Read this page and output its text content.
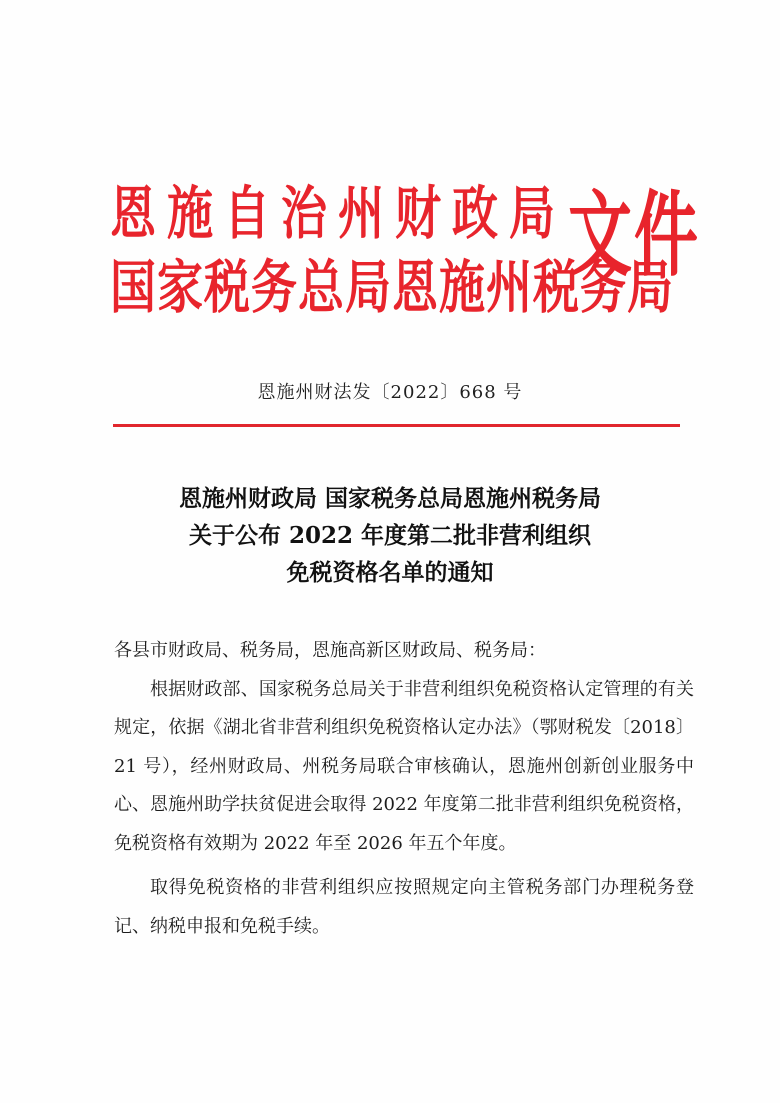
恩施自治州财政局
国家税务总局恩施州税务局
文件
恩施州财法发〔2022〕668 号
恩施州财政局 国家税务总局恩施州税务局
关于公布 2022 年度第二批非营利组织
免税资格名单的通知

各县市财政局、税务局，恩施高新区财政局、税务局：

根据财政部、国家税务总局关于非营利组织免税资格认定管理的有关规定，依据《湖北省非营利组织免税资格认定办法》（鄂财税发〔2018〕21 号），经州财政局、州税务局联合审核确认，恩施州创新创业服务中心、恩施州助学扶贫促进会取得 2022 年度第二批非营利组织免税资格，免税资格有效期为 2022 年至 2026 年五个年度。

取得免税资格的非营利组织应按照规定向主管税务部门办理税务登记、纳税申报和免税手续。
